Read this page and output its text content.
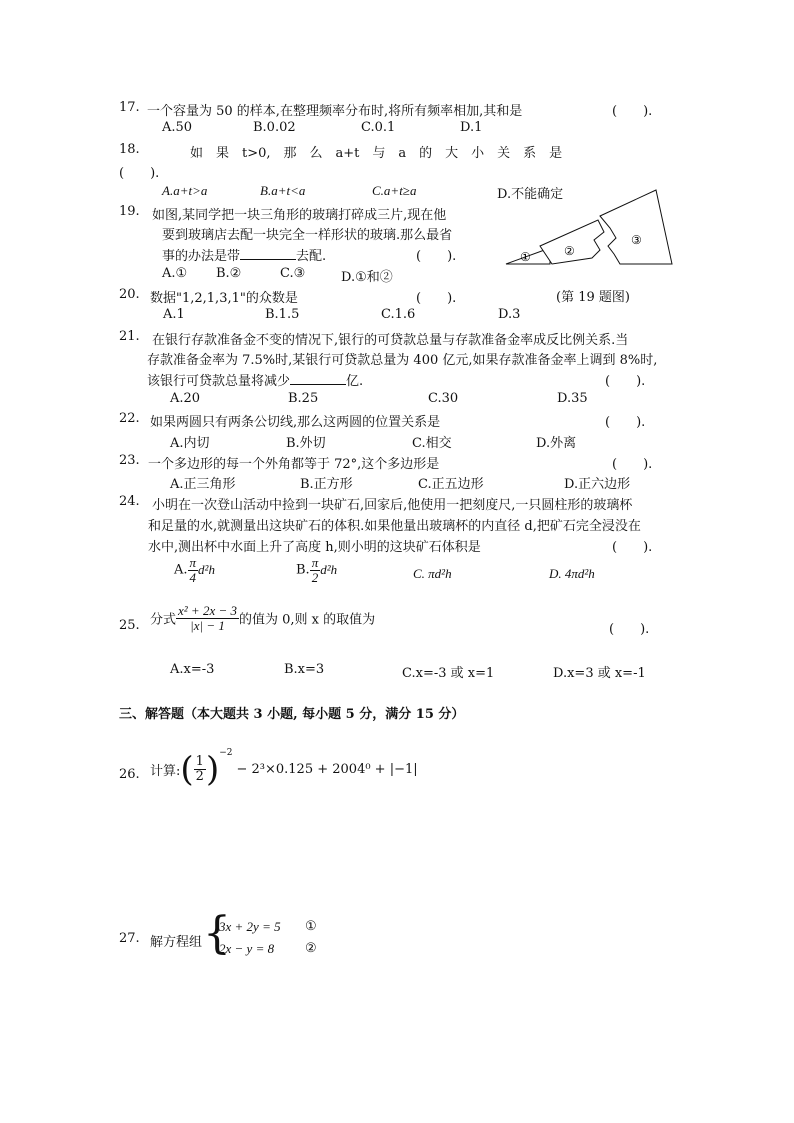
17. 一个容量为 50 的样本,在整理频率分布时,将所有频率相加,其和是	(　　).
A.50	B.0.02	C.0.1	D.1
18.	如　果　t>0,　那　么　a+t　与　a　的　大　小　关　系　是
(　　).
A.a+t>a	B.a+t<a	C.a+t≥a	D.不能确定
19. 如图,某同学把一块三角形的玻璃打碎成三片,现在他
要到玻璃店去配一块完全一样形状的玻璃.那么最省
事的办法是带	去配.	(　　).
A.① B.②	C.③	D.①和②
①	②
③
(第 19 题图)
20. 数据"1,2,1,3,1"的众数是	(　　).
A.1	B.1.5	C.1.6	D.3
21. 在银行存款准备金不变的情况下,银行的可贷款总量与存款准备金率成反比例关系.当
存款准备金率为 7.5%时,某银行可贷款总量为 400 亿元,如果存款准备金率上调到 8%时,
该银行可贷款总量将减少	亿.	(　　).
A.20	B.25	C.30	D.35
22. 如果两圆只有两条公切线,那么这两圆的位置关系是	(　　).
A.内切	B.外切	C.相交	D.外离
23. 一个多边形的每一个外角都等于 72°,这个多边形是	(　　).
A.正三角形	B.正方形	C.正五边形	D.正六边形
24. 小明在一次登山活动中捡到一块矿石,回家后,他使用一把刻度尺,一只圆柱形的玻璃杯
和足量的水,就测量出这块矿石的体积.如果他量出玻璃杯的内直径 d,把矿石完全浸没在
水中,测出杯中水面上升了高度 h,则小明的这块矿石体积是	(　　).
A. $\frac{\pi}{4} d^2h$	B. $\frac{\pi}{2} d^2h$	C. πd²h	D. 4πd²h
25. 分式 $\frac{\text{x² + 2x − 3}}{|x| - 1}$ 的值为 0,则 x 的取值为
(　　).
A.x=-3	B.x=3	C.x=-3 或 x=1	D.x=3 或 x=-1
三、解答题（本大题共 3 小题, 每小题 5 分，满分 15 分）
26. 计算:( $\frac{1}{2} )^{-2}- 2^3\times 0.125 + 2004^0 + |-1|$
27. 解方程组 {
3x + 2y = 5 ①
2x − y = 8 ②
